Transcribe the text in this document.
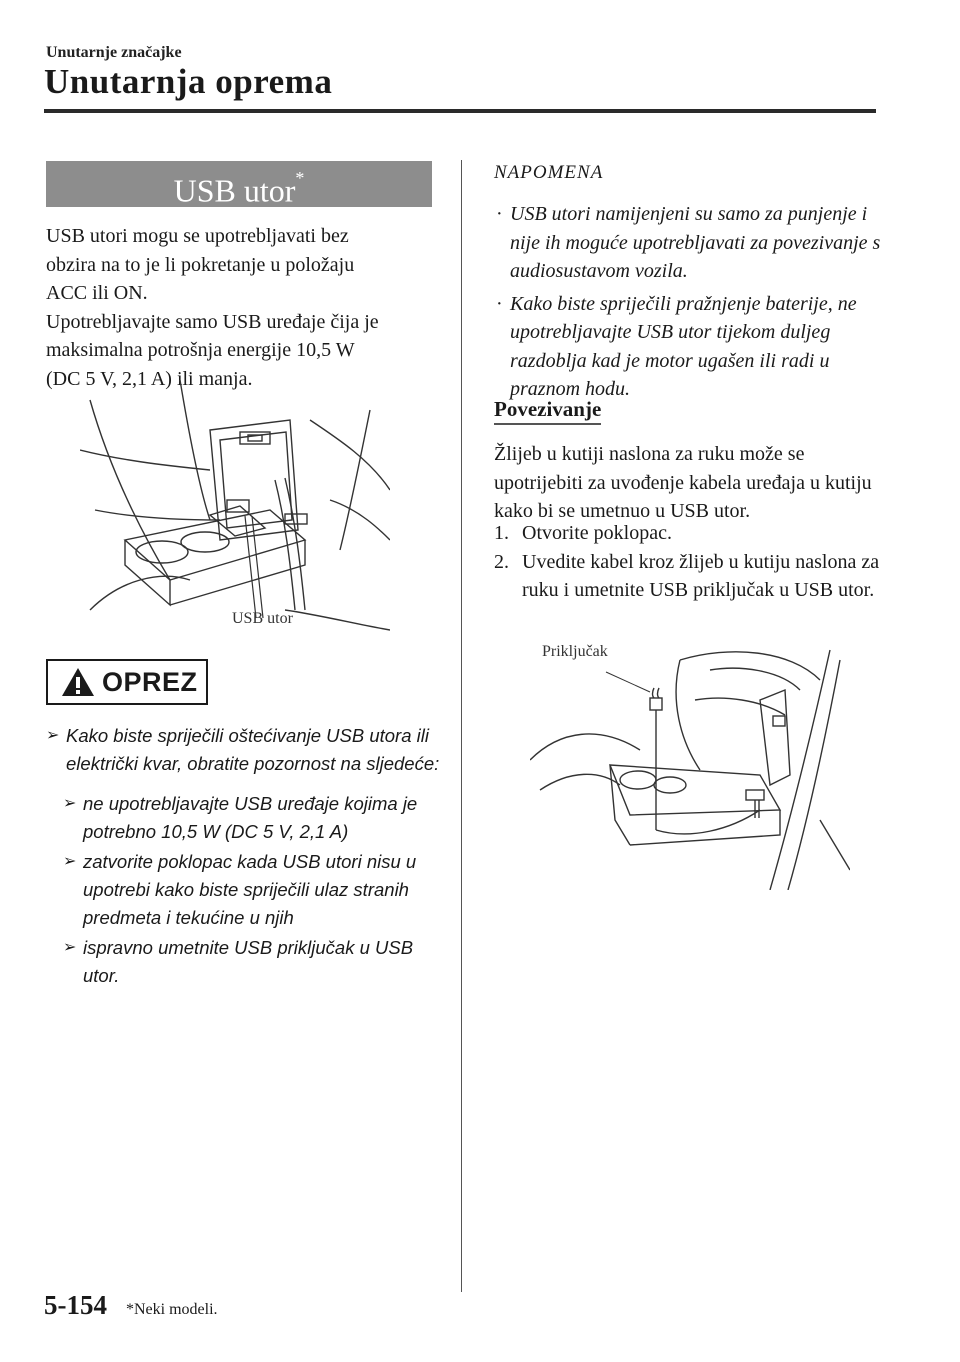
Unutarnje značajke
Unutarnja oprema
USB utor*
USB utori mogu se upotrebljavati bez
obzira na to je li pokretanje u položaju
ACC ili ON.
Upotrebljavajte samo USB uređaje čija je
maksimalna potrošnja energije 10,5 W
(DC 5 V, 2,1 A) ili manja.
USB utor
OPREZ
➢ Kako biste spriječili oštećivanje USB utora ili električki kvar, obratite pozornost na sljedeće:
➢ ne upotrebljavajte USB uređaje kojima je potrebno 10,5 W (DC 5 V, 2,1 A)
➢ zatvorite poklopac kada USB utori nisu u upotrebi kako biste spriječili ulaz stranih predmeta i tekućine u njih
➢ ispravno umetnite USB priključak u USB utor.
NAPOMENA
· USB utori namijenjeni su samo za punjenje i nije ih moguće upotrebljavati za povezivanje s audiosustavom vozila.
· Kako biste spriječili pražnjenje baterije, ne upotrebljavajte USB utor tijekom duljeg razdoblja kad je motor ugašen ili radi u praznom hodu.
Povezivanje
Žlijeb u kutiji naslona za ruku može se upotrijebiti za uvođenje kabela uređaja u kutiju kako bi se umetnuo u USB utor.
1. Otvorite poklopac.
2. Uvedite kabel kroz žlijeb u kutiju naslona za ruku i umetnite USB priključak u USB utor.
Priključak
5-154 *Neki modeli.
